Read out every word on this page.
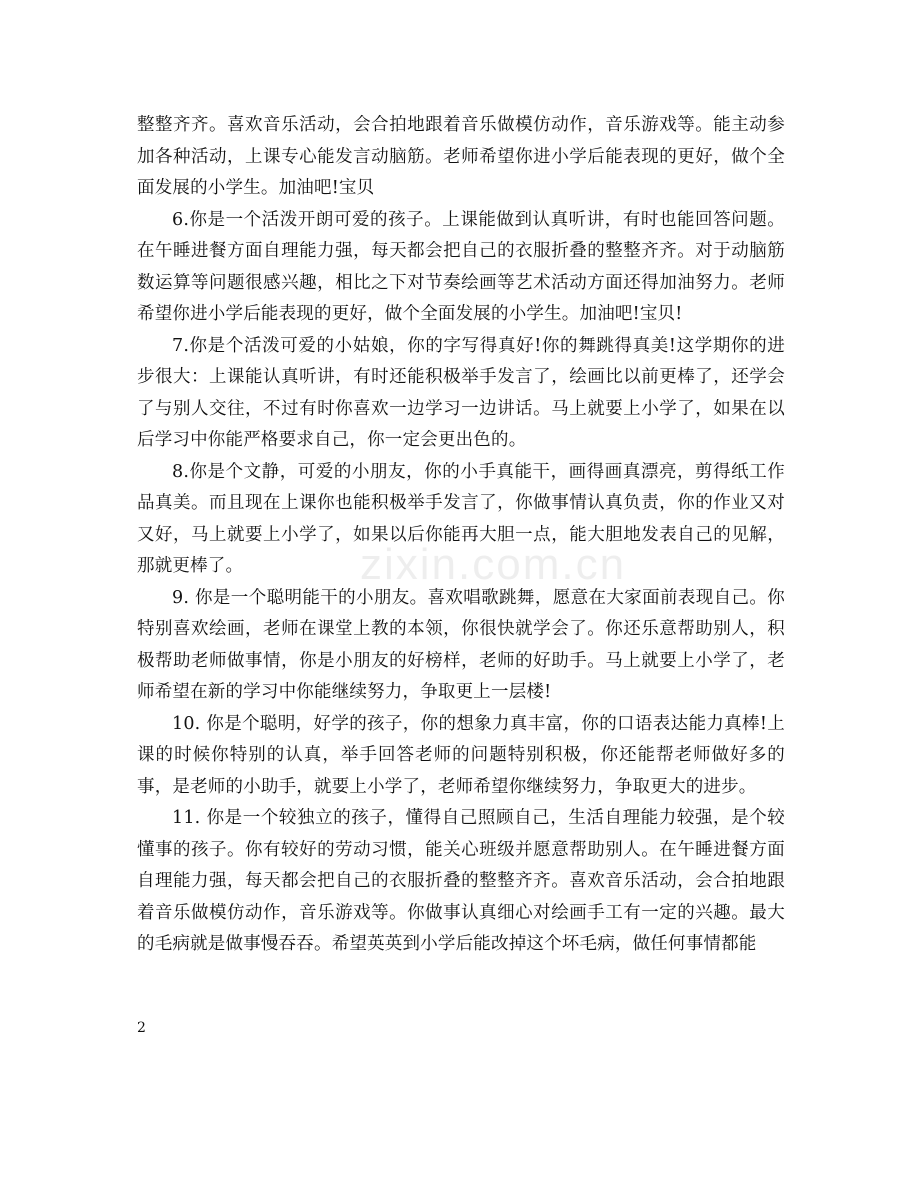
整整齐齐。喜欢音乐活动，会合拍地跟着音乐做模仿动作，音乐游戏等。能主动参加各种活动，上课专心能发言动脑筋。老师希望你进小学后能表现的更好，做个全面发展的小学生。加油吧!宝贝

6.你是一个活泼开朗可爱的孩子。上课能做到认真听讲，有时也能回答问题。在午睡进餐方面自理能力强，每天都会把自己的衣服折叠的整整齐齐。对于动脑筋数运算等问题很感兴趣，相比之下对节奏绘画等艺术活动方面还得加油努力。老师希望你进小学后能表现的更好，做个全面发展的小学生。加油吧!宝贝!

7.你是个活泼可爱的小姑娘，你的字写得真好!你的舞跳得真美!这学期你的进步很大：上课能认真听讲，有时还能积极举手发言了，绘画比以前更棒了，还学会了与别人交往，不过有时你喜欢一边学习一边讲话。马上就要上小学了，如果在以后学习中你能严格要求自己，你一定会更出色的。

8.你是个文静，可爱的小朋友，你的小手真能干，画得画真漂亮，剪得纸工作品真美。而且现在上课你也能积极举手发言了，你做事情认真负责，你的作业又对又好，马上就要上小学了，如果以后你能再大胆一点，能大胆地发表自己的见解，那就更棒了。

9. 你是一个聪明能干的小朋友。喜欢唱歌跳舞，愿意在大家面前表现自己。你特别喜欢绘画，老师在课堂上教的本领，你很快就学会了。你还乐意帮助别人，积极帮助老师做事情，你是小朋友的好榜样，老师的好助手。马上就要上小学了，老师希望在新的学习中你能继续努力，争取更上一层楼!

10. 你是个聪明，好学的孩子，你的想象力真丰富，你的口语表达能力真棒!上课的时候你特别的认真，举手回答老师的问题特别积极，你还能帮老师做好多的事，是老师的小助手，就要上小学了，老师希望你继续努力，争取更大的进步。

11. 你是一个较独立的孩子，懂得自己照顾自己，生活自理能力较强，是个较懂事的孩子。你有较好的劳动习惯，能关心班级并愿意帮助别人。在午睡进餐方面自理能力强，每天都会把自己的衣服折叠的整整齐齐。喜欢音乐活动，会合拍地跟着音乐做模仿动作，音乐游戏等。你做事认真细心对绘画手工有一定的兴趣。最大的毛病就是做事慢吞吞。希望英英到小学后能改掉这个坏毛病，做任何事情都能

zixin.com.cn
2
